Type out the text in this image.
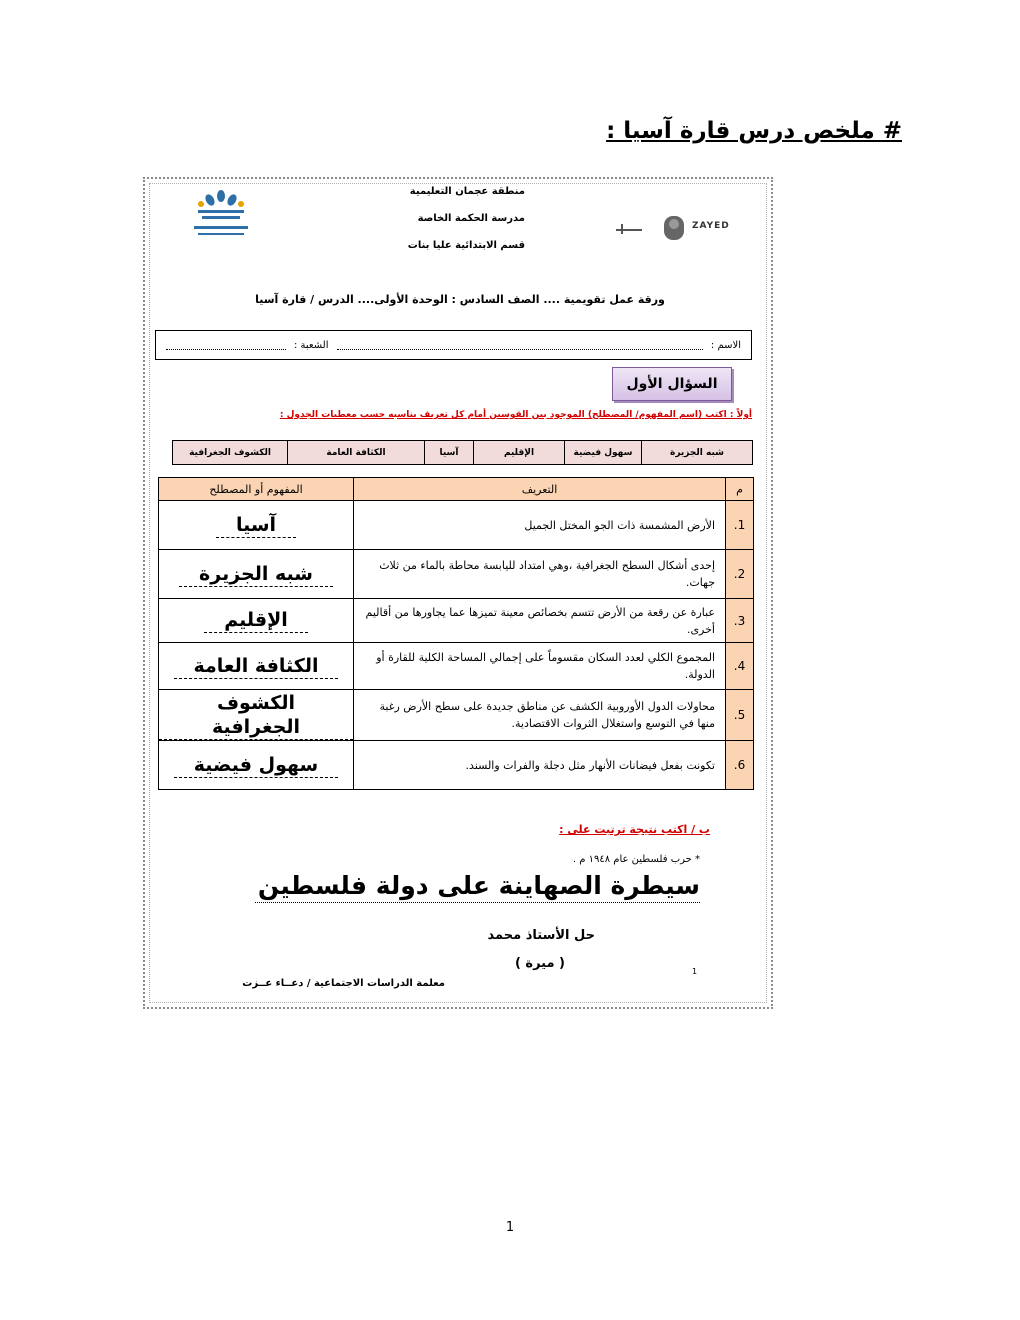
# ملخص درس قارة آسيا :
ZAYED
منطقة عجمان التعليمية
مدرسة الحكمة الخاصة
قسم الابتدائية عليا بنات
ورقة عمل تقويمية .... الصف السادس : الوحدة الأولى.... الدرس / قارة آسيا
الاسم :
الشعبة :
السؤال الأول
أولاً : اكتب (اسم المفهوم/ المصطلح) الموجود بين القوسين أمام كل تعريف يناسبه حسب معطيات الجدول :
شبه الجزيرة
سهول فيضية
الإقليم
آسيا
الكثافة العامة
الكشوف الجغرافية
م	التعريف	المفهوم أو المصطلح
1.	الأرض المشمسة ذات الجو المختل الجميل	آسيا
2.	إحدى أشكال السطح الجغرافية ،وهي امتداد لليابسة محاطة بالماء من ثلاث جهات.	شبه الجزيرة
3.	عبارة عن رقعة من الأرض تتسم بخصائص معينة تميزها عما يجاورها من أقاليم أخرى.	الإقليم
4.	المجموع الكلي لعدد السكان مقسوماً على إجمالي المساحة الكلية للقارة أو الدولة.	الكثافة العامة
5.	محاولات الدول الأوروبية الكشف عن مناطق جديدة على سطح الأرض رغبة منها في التوسع واستغلال الثروات الاقتصادية.	الكشوف الجغرافية
6.	تكونت بفعل فيضانات الأنهار مثل دجلة والفرات والسند.	سهول فيضية
ب / اكتب نتيجة ترتبت على :
* حرب فلسطين عام ١٩٤٨ م .
سيطرة الصهاينة على دولة فلسطين
حل الأستاذ محمد
( ميرة )
1
معلمة الدراسات الاجتماعية / دعــاء عــزت
1
